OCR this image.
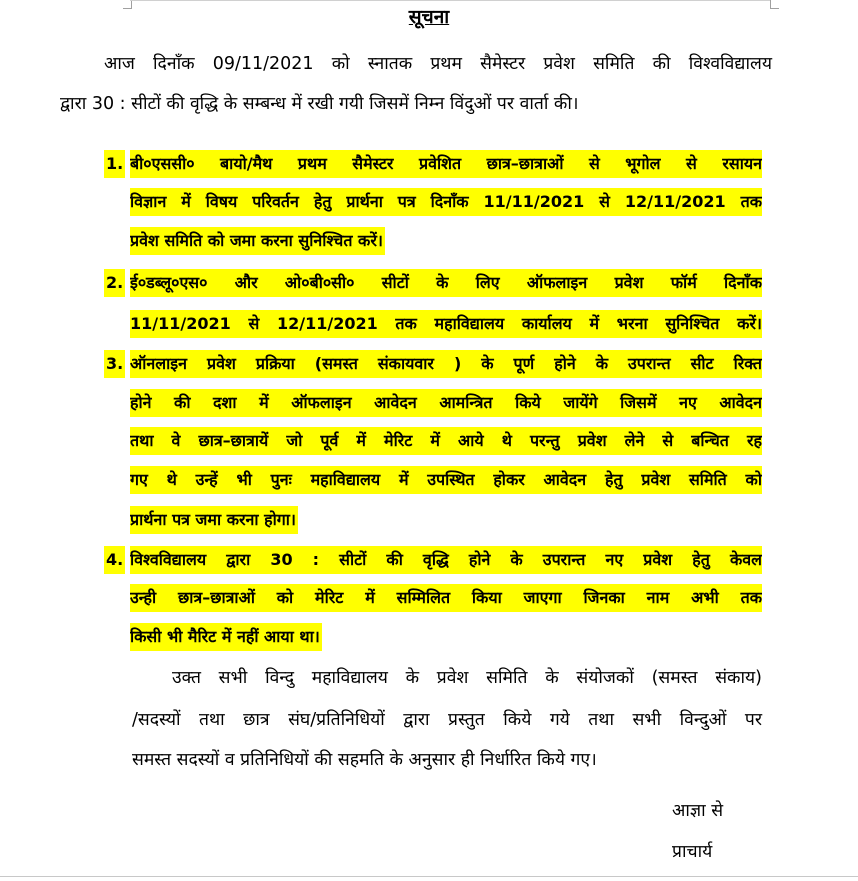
सूचना
आज दिनाँक 09/11/2021 को स्नातक प्रथम सैमेस्टर प्रवेश समिति की विश्वविद्यालय
द्वारा 30 : सीटों की वृद्धि के सम्बन्ध में रखी गयी जिसमें निम्न विंदुओं पर वार्ता की।
1. बी०एससी० बायो/मैथ प्रथम सैमेस्टर प्रवेशित छात्र–छात्राओं से भूगोल से रसायन
विज्ञान में विषय परिवर्तन हेतु प्रार्थना पत्र दिनाँक 11/11/2021 से 12/11/2021 तक
प्रवेश समिति को जमा करना सुनिश्चित करें।
2. ई०डब्लू०एस० और ओ०बी०सी० सीटों के लिए ऑफलाइन प्रवेश फॉर्म दिनाँक
11/11/2021 से 12/11/2021 तक महाविद्यालय कार्यालय में भरना सुनिश्चित करें।
3. ऑनलाइन प्रवेश प्रक्रिया (समस्त संकायवार ) के पूर्ण होने के उपरान्त सीट रिक्त
होने की दशा में ऑफलाइन आवेदन आमन्त्रित किये जायेंगे जिसमें नए आवेदन
तथा वे छात्र–छात्रायें जो पूर्व में मेरिट में आये थे परन्तु प्रवेश लेने से बन्चित रह
गए थे उन्हें भी पुनः महाविद्यालय में उपस्थित होकर आवेदन हेतु प्रवेश समिति को
प्रार्थना पत्र जमा करना होगा।
4. विश्वविद्यालय द्वारा 30 : सीटों की वृद्धि होने के उपरान्त नए प्रवेश हेतु केवल
उन्ही छात्र–छात्राओं को मेरिट में सम्मिलित किया जाएगा जिनका नाम अभी तक
किसी भी मैरिट में नहीं आया था।
उक्त सभी विन्दु महाविद्यालय के प्रवेश समिति के संयोजकों (समस्त संकाय)
/सदस्यों तथा छात्र संघ/प्रतिनिधियों द्वारा प्रस्तुत किये गये तथा सभी विन्दुओं पर
समस्त सदस्यों व प्रतिनिधियों की सहमति के अनुसार ही निर्धारित किये गए।
आज्ञा से
प्राचार्य
